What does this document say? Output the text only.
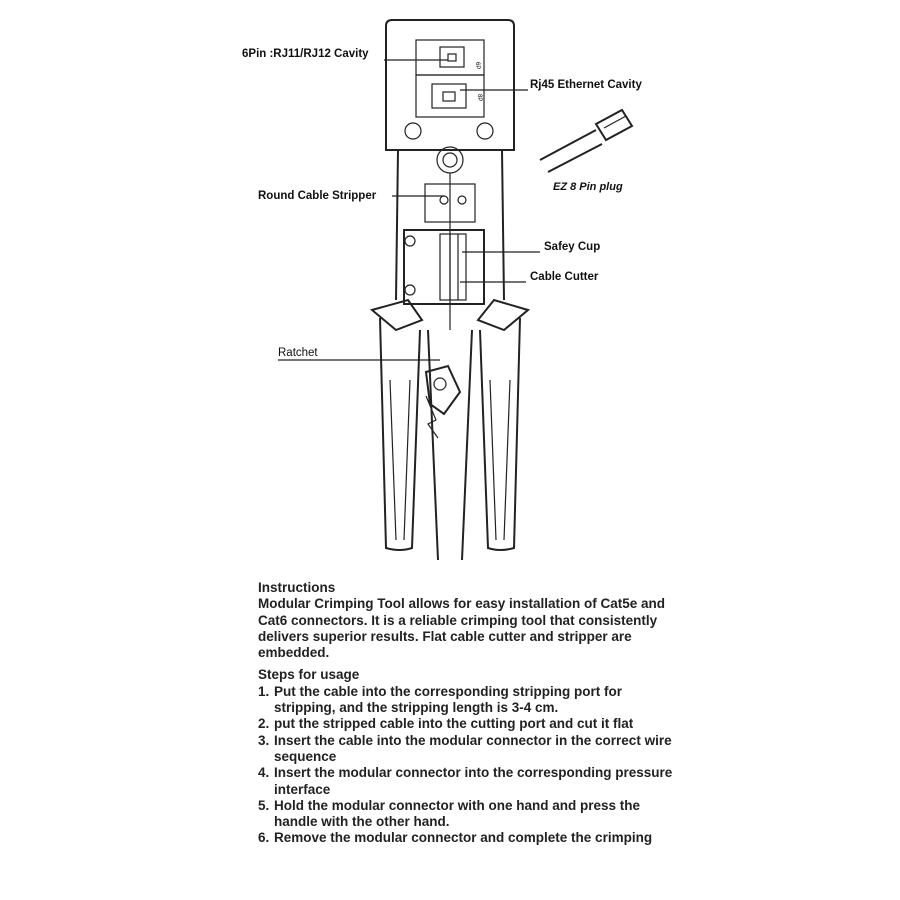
6Pin :RJ11/RJ12 Cavity
Rj45 Ethernet Cavity
EZ 8 Pin plug
Round Cable Stripper
Safey Cup
Cable Cutter
Ratchet
6P
8P
Instructions
Modular Crimping Tool allows for easy installation of Cat5e and Cat6 connectors. It is a reliable crimping tool that consistently delivers superior results. Flat cable cutter and stripper are embedded.
Steps for usage
1. Put the cable into the corresponding stripping port for stripping, and the stripping length is 3-4 cm.
2. put the stripped cable into the cutting port and cut it flat
3. Insert the cable into the modular connector in the correct wire sequence
4. Insert the modular connector into the corresponding pressure interface
5. Hold the modular connector with one hand and press the handle with the other hand.
6. Remove the modular connector and complete the crimping
